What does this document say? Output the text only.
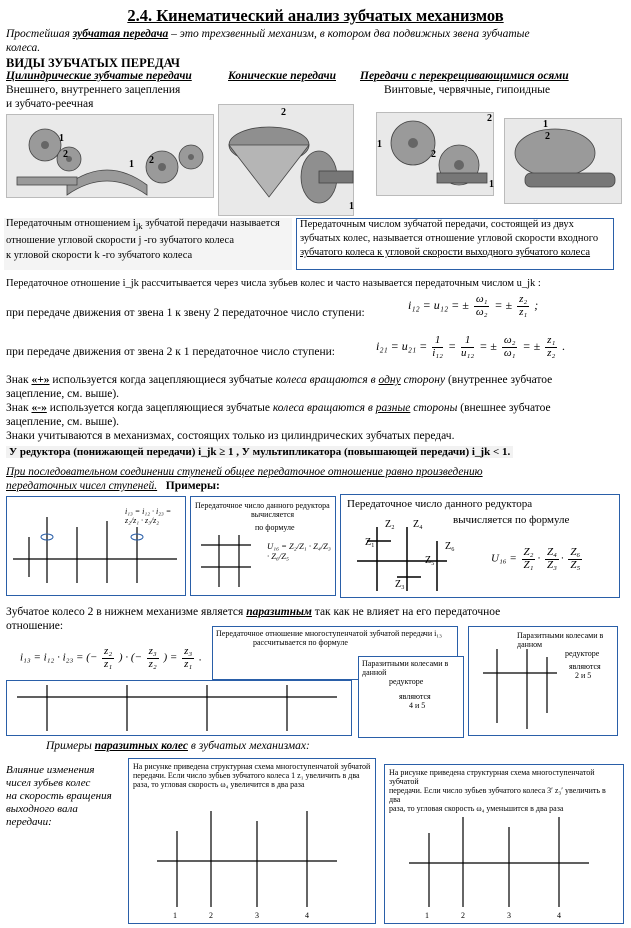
2.4. Кинематический анализ зубчатых механизмов
Простейшая зубчатая передача – это трехзвенный механизм, в котором два подвижных звена зубчатые
колеса.
ВИДЫ ЗУБЧАТЫХ ПЕРЕДАЧ
Цилиндрические зубчатые передачи	Конические передачи Передачи с перекрещивающимися осями
Внешнего, внутреннего зацепления
и зубчато-реечная
Винтовые, червячные, гипоидные
1
2
1 2
2
1
1
2
2
1
1
2
Передаточным отношением $i_{jk}$ зубчатой передачи называется
отношение угловой скорости j -го зубчатого колеса
к угловой скорости k -го зубчатого колеса
Передаточным числом зубчатой передачи, состоящей из двух
зубчатых колес, называется отношение угловой скорости входного
зубчатого колеса к угловой скорости выходного зубчатого колеса
Передаточное отношение i_jk рассчитывается через числа зубьев колес и часто называется передаточным числом u_jk :
при передаче движения от звена 1 к звену 2 передаточное число ступени:
i₁₂ = u₁₂ = ± $\frac{\text{ω₁}}{\text{ω₂}}$ = ± $\frac{\text{z₂}}{\text{z₁}}$ ;
при передаче движения от звена 2 к 1 передаточное число ступени:	$i_{21} = u_{21} = \frac{1}{\text{i₁₂}} = \frac{1}{\text{u₁₂}}$ = ± $\frac{\text{ω₂}}{\text{ω₁}}$ = ± $\frac{\text{z₁}}{\text{z₂}}$ .
Знак «+» используется когда зацепляющиеся зубчатые колеса вращаются в одну сторону (внутреннее зубчатое
зацепление, см. выше).
Знак «-» используется когда зацепляющиеся зубчатые колеса вращаются в разные стороны (внешнее зубчатое
зацепление, см. выше).
Знаки учитываются в механизмах, состоящих только из цилиндрических зубчатых передач.
У редуктора (понижающей передачи) i_jk ≥ 1 , У мультипликатора (повышающей передачи) i_jk < 1.
При последовательном соединении ступеней общее передаточное отношение равно произведению
передаточных чисел ступеней. Примеры:
i₁₃ = i₁₂ · i₂₃ = z₂/z₁ · z₃/z₂
Передаточное число данного редуктора
вычисляется
по формуле
U₁₆ = Z₂/Z₁ · Z₄/Z₃ · Z₆/Z₅
Передаточное число данного редуктора
вычисляется по формуле
Z₁
Z₂
Z₃
Z₄
Z₅
Z₆
$U_{16} = \frac{\text{Z₂}}{\text{Z₁}} \cdot \frac{\text{Z₄}}{\text{Z₃}} \cdot \frac{\text{Z₆}}{\text{Z₅}}$
Зубчатое колесо 2 в нижнем механизме является паразитным так как не влияет на его передаточное
отношение:
i₁₃ = i₁₂ · i₂₃ = (− $\frac{\text{z₂}}{\text{z₁}}$ ) · (− $\frac{\text{z₃}}{\text{z₂}}$ ) = $\frac{\text{z₃}}{\text{z₁}}$ .
Передаточное отношение многоступенчатой зубчатой передачи i₁₃
рассчитывается по формуле
Паразитными колесами в данной
редукторе
являются
4 и 5
Паразитными колесами в данном
редукторе
являются
2 и 5
Примеры паразитных колес в зубчатых механизмах:
Влияние изменения
чисел зубьев колес
на скорость вращения
выходного вала
передачи:
На рисунке приведена структурная схема многоступенчатой зубчатой
передачи. Если число зубьев зубчатого колеса 1 z₁ увеличить в два
раза, то угловая скорость ω₄ увеличится в два раза
1	2	3	4
На рисунке приведена структурная схема многоступенчатой зубчатой
передачи. Если число зубьев зубчатого колеса 3′ z₃′ увеличить в два
раза, то угловая скорость ω₄ уменьшится в два раза
1	2	3	4
